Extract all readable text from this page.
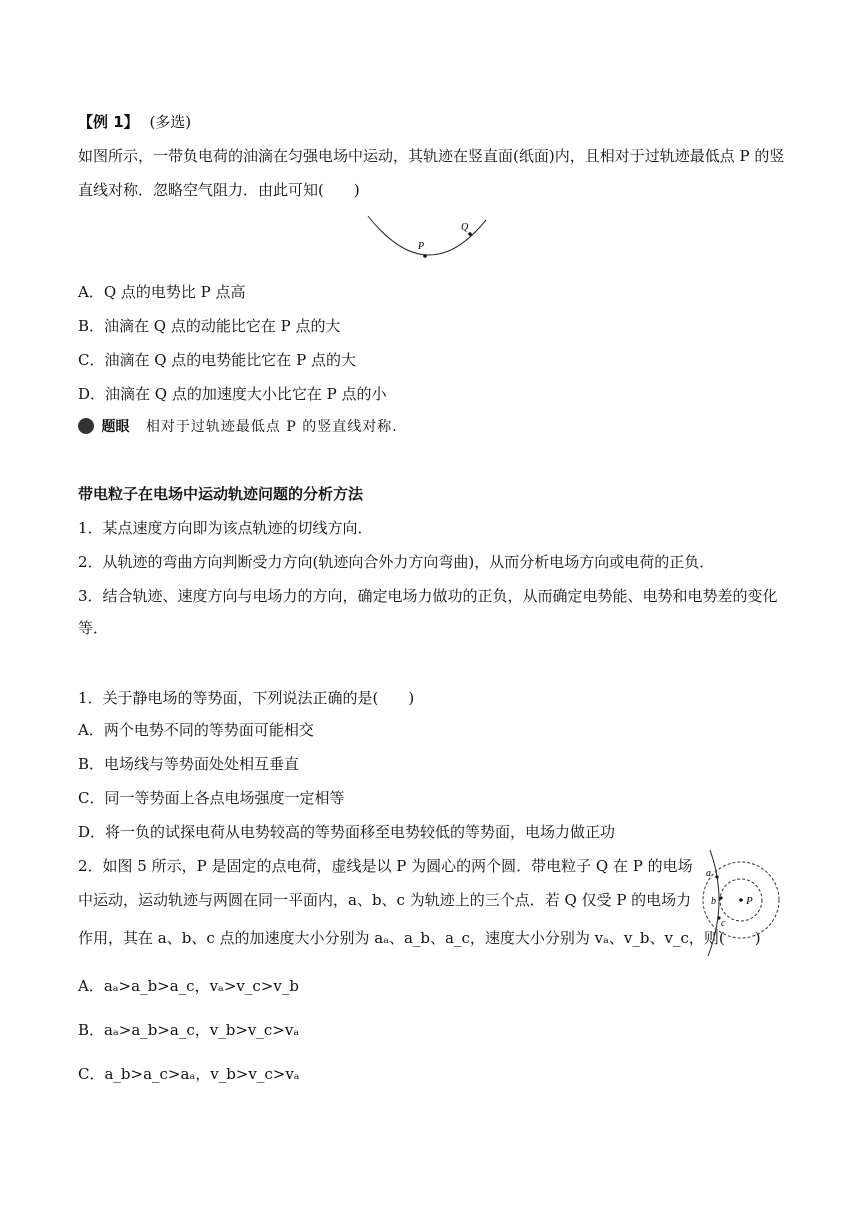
【例 1】 (多选)
如图所示，一带负电荷的油滴在匀强电场中运动，其轨迹在竖直面(纸面)内，且相对于过轨迹最低点 P 的竖
直线对称．忽略空气阻力．由此可知(　　)
P
Q
A．Q 点的电势比 P 点高
B．油滴在 Q 点的动能比它在 P 点的大
C．油滴在 Q 点的电势能比它在 P 点的大
D．油滴在 Q 点的加速度大小比它在 P 点的小
题眼 相对于过轨迹最低点 P 的竖直线对称.
带电粒子在电场中运动轨迹问题的分析方法
1．某点速度方向即为该点轨迹的切线方向．
2．从轨迹的弯曲方向判断受力方向(轨迹向合外力方向弯曲)，从而分析电场方向或电荷的正负．
3．结合轨迹、速度方向与电场力的方向，确定电场力做功的正负，从而确定电势能、电势和电势差的变化
等．
1．关于静电场的等势面，下列说法正确的是(　　)
A．两个电势不同的等势面可能相交
B．电场线与等势面处处相互垂直
C．同一等势面上各点电场强度一定相等
D．将一负的试探电荷从电势较高的等势面移至电势较低的等势面，电场力做正功
2．如图 5 所示，P 是固定的点电荷，虚线是以 P 为圆心的两个圆．带电粒子 Q 在 P 的电场
中运动，运动轨迹与两圆在同一平面内，a、b、c 为轨迹上的三个点．若 Q 仅受 P 的电场力
作用，其在 a、b、c 点的加速度大小分别为 aₐ、a_b、a_c，速度大小分别为 vₐ、v_b、v_c，则(　　)
a
b
c
P
A．aₐ>a_b>a_c，vₐ>v_c>v_b
B．aₐ>a_b>a_c，v_b>v_c>vₐ
C．a_b>a_c>aₐ，v_b>v_c>vₐ
